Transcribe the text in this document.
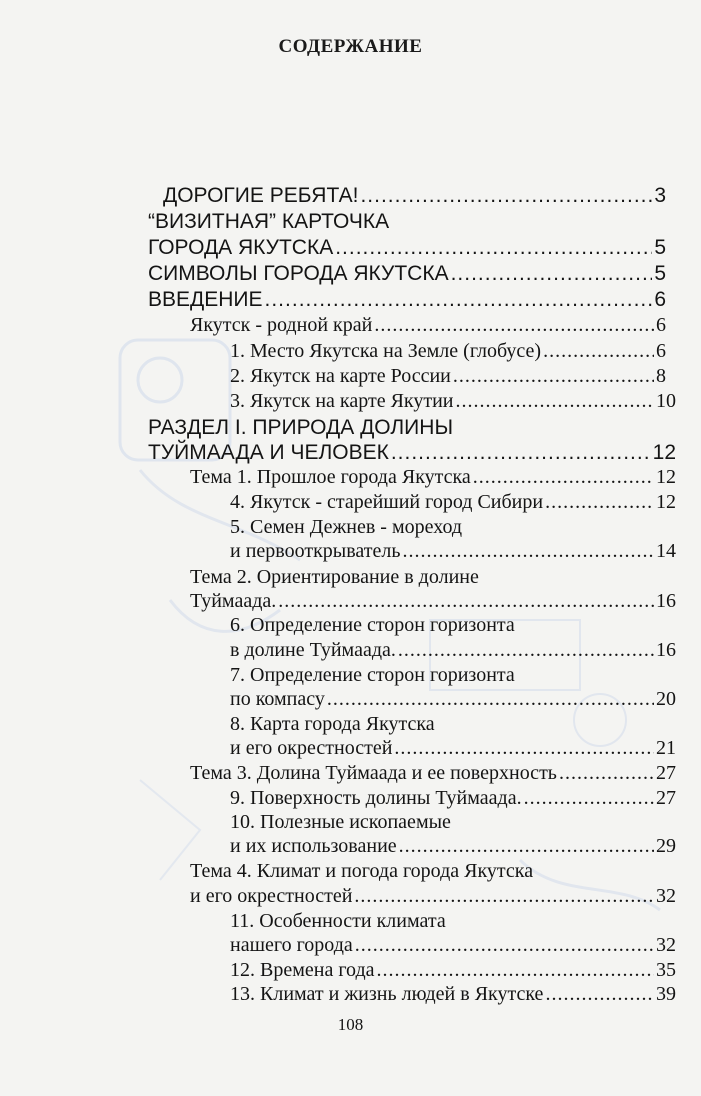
СОДЕРЖАНИЕ
ДОРОГИЕ РЕБЯТА! .....	3
“ВИЗИТНАЯ” КАРТОЧКА
ГОРОДА ЯКУТСКА .....	5
СИМВОЛЫ ГОРОДА ЯКУТСКА .....	5
ВВЕДЕНИЕ .....	6
Якутск - родной край .....	6
1. Место Якутска на Земле (глобусе) .....	6
2. Якутск на карте России .....	8
3. Якутск на карте Якутии .....	10
РАЗДЕЛ I. ПРИРОДА ДОЛИНЫ
ТУЙМААДА И ЧЕЛОВЕК .....	12
Тема 1. Прошлое города Якутска .....	12
4. Якутск - старейший город Сибири .....	12
5. Семен Дежнев - мореход
и первооткрыватель .....	14
Тема 2. Ориентирование в долине
Туймаада. .....	16
6. Определение сторон горизонта
в долине Туймаада. .....	16
7. Определение сторон горизонта
по компасу .....	20
8. Карта города Якутска
и его окрестностей .....	21
Тема 3. Долина Туймаада и ее поверхность .....	27
9. Поверхность долины Туймаада. .....	27
10. Полезные ископаемые
и их использование .....	29
Тема 4. Климат и погода города Якутска
и его окрестностей .....	32
11. Особенности климата
нашего города .....	32
12. Времена года .....	35
13. Климат и жизнь людей в Якутске .....	39
108
